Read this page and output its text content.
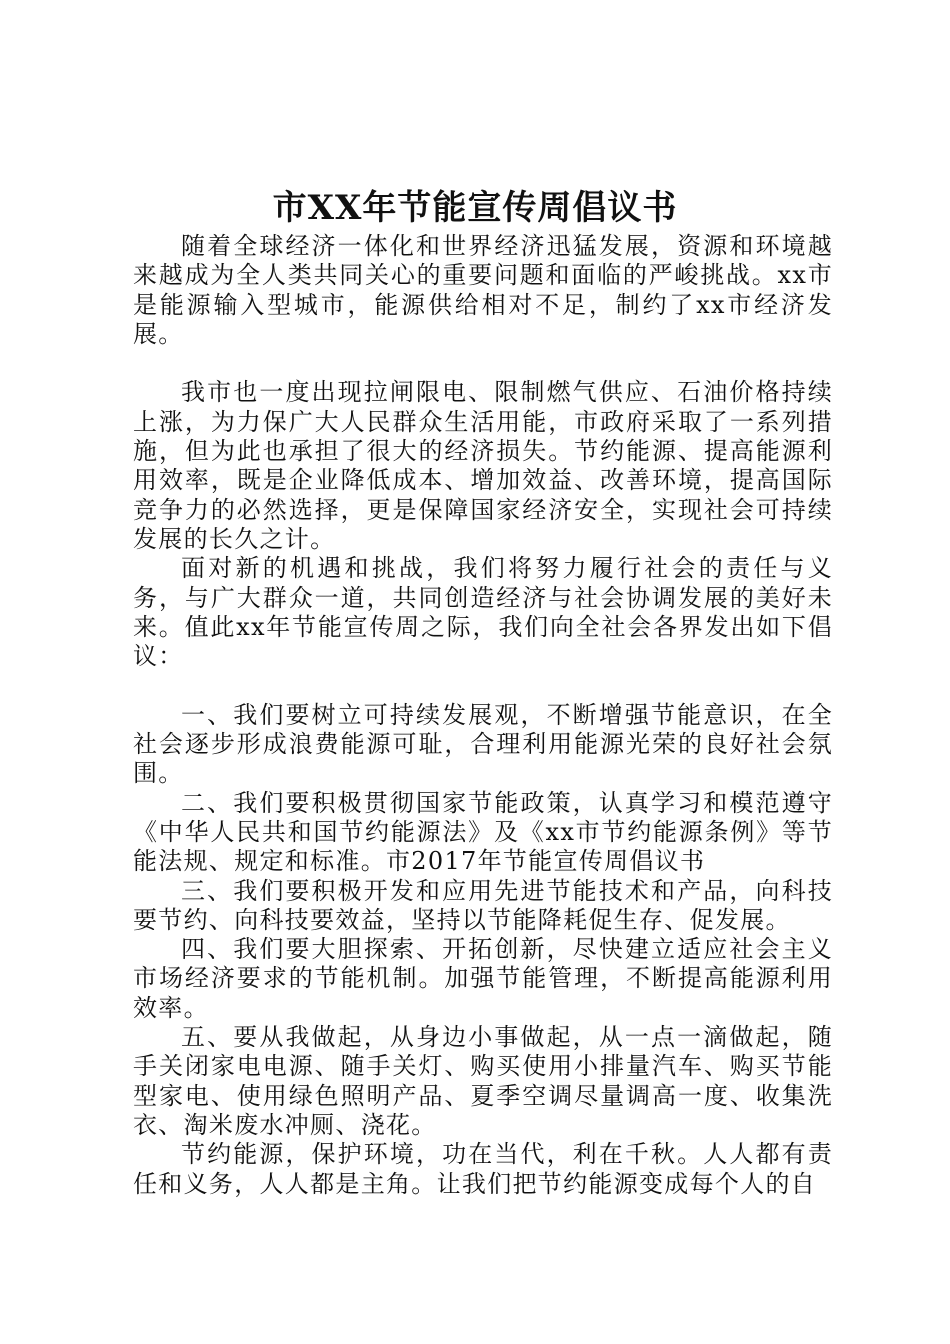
市XX年节能宣传周倡议书

随着全球经济一体化和世界经济迅猛发展，资源和环境越来越成为全人类共同关心的重要问题和面临的严峻挑战。xx市是能源输入型城市，能源供给相对不足，制约了xx市经济发展。

我市也一度出现拉闸限电、限制燃气供应、石油价格持续上涨，为力保广大人民群众生活用能，市政府采取了一系列措施，但为此也承担了很大的经济损失。节约能源、提高能源利用效率，既是企业降低成本、增加效益、改善环境，提高国际竞争力的必然选择，更是保障国家经济安全，实现社会可持续发展的长久之计。

面对新的机遇和挑战，我们将努力履行社会的责任与义务，与广大群众一道，共同创造经济与社会协调发展的美好未来。值此xx年节能宣传周之际，我们向全社会各界发出如下倡议：

一、我们要树立可持续发展观，不断增强节能意识，在全社会逐步形成浪费能源可耻，合理利用能源光荣的良好社会氛围。

二、我们要积极贯彻国家节能政策，认真学习和模范遵守《中华人民共和国节约能源法》及《xx市节约能源条例》等节能法规、规定和标准。市2017年节能宣传周倡议书

三、我们要积极开发和应用先进节能技术和产品，向科技要节约、向科技要效益，坚持以节能降耗促生存、促发展。

四、我们要大胆探索、开拓创新，尽快建立适应社会主义市场经济要求的节能机制。加强节能管理，不断提高能源利用效率。

五、要从我做起，从身边小事做起，从一点一滴做起，随手关闭家电电源、随手关灯、购买使用小排量汽车、购买节能型家电、使用绿色照明产品、夏季空调尽量调高一度、收集洗衣、淘米废水冲厕、浇花。

节约能源，保护环境，功在当代，利在千秋。人人都有责任和义务，人人都是主角。让我们把节约能源变成每个人的自
